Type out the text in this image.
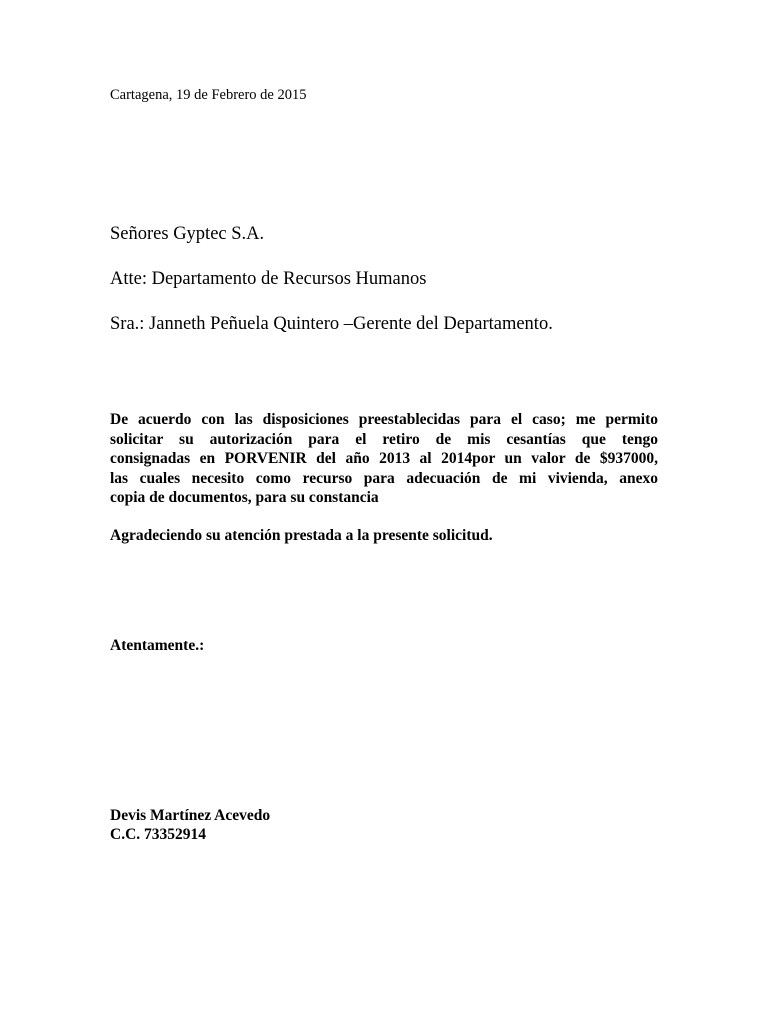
Cartagena, 19 de Febrero de 2015
Señores Gyptec S.A.
Atte: Departamento de Recursos Humanos
Sra.: Janneth Peñuela Quintero –Gerente del Departamento.
De acuerdo con las disposiciones preestablecidas para el caso; me permito
solicitar su autorización para el retiro de mis cesantías que tengo
consignadas en PORVENIR del año 2013 al 2014por un valor de $937000,
las cuales necesito como recurso para adecuación de mi vivienda, anexo
copia de documentos, para su constancia
Agradeciendo su atención prestada a la presente solicitud.
Atentamente.:
Devis Martínez Acevedo
C.C. 73352914
